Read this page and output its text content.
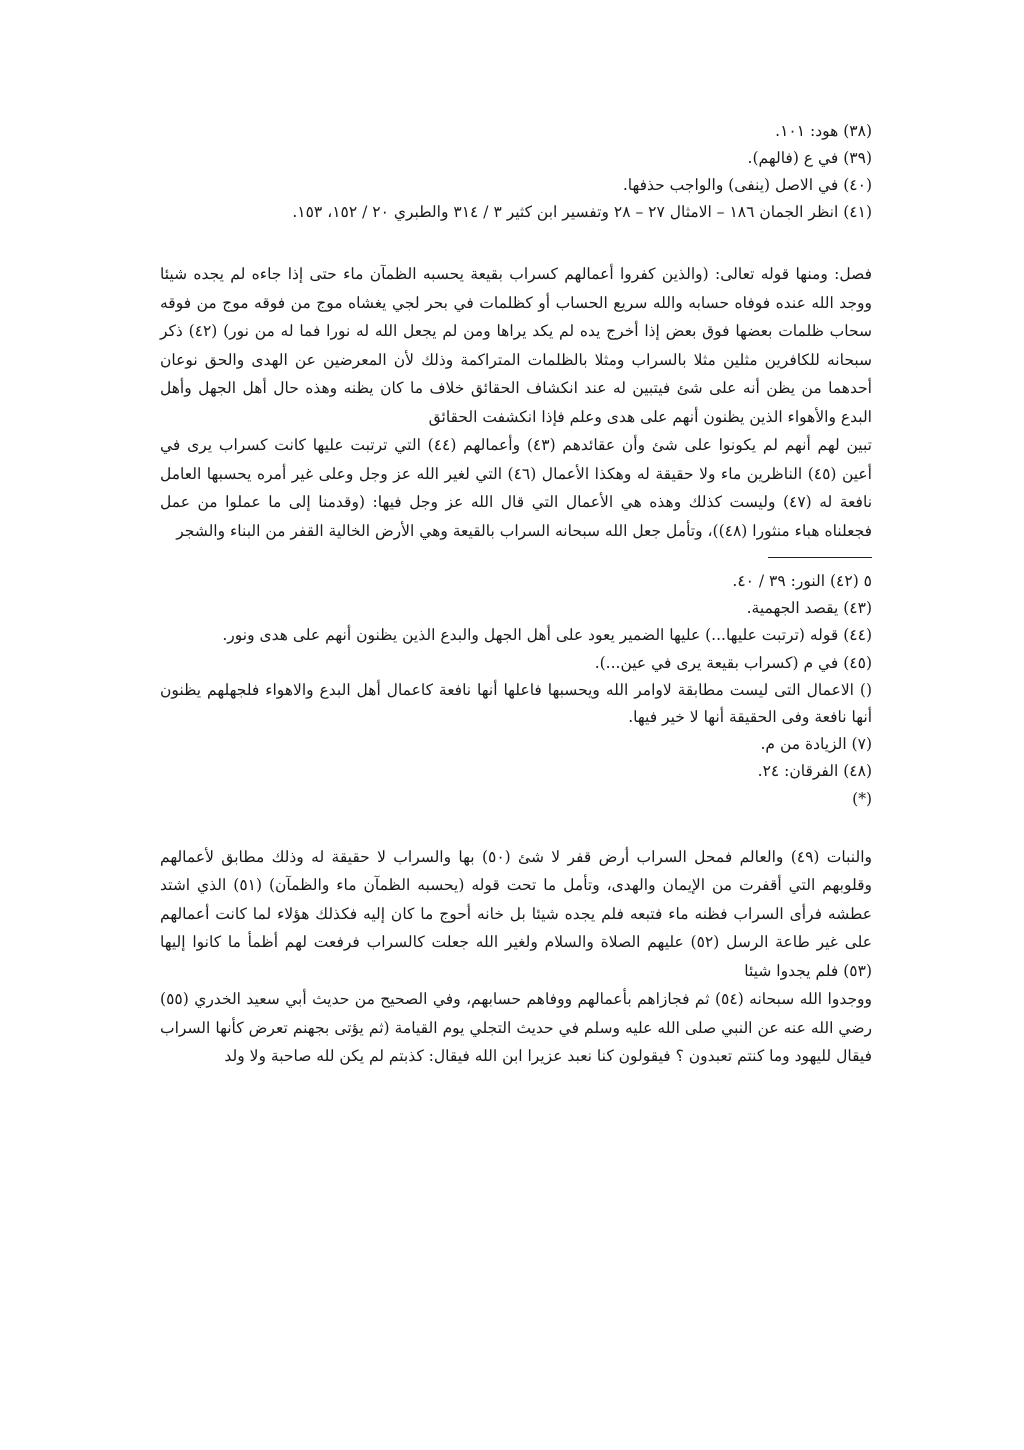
(٣٨) هود: ١٠١.
(٣٩) في ع (فالهم).
(٤٠) في الاصل (ينفى) والواجب حذفها.
(٤١) انظر الجمان ١٨٦ – الامثال ٢٧ – ٢٨ وتفسير ابن كثير ٣ / ٣١٤ والطبري ٢٠ / ١٥٢، ١٥٣.

فصل: ومنها قوله تعالى: (والذين كفروا أعمالهم كسراب بقيعة يحسبه الظمآن ماء حتى إذا جاءه لم يجده شيئا ووجد الله عنده فوفاه حسابه والله سريع الحساب أو كظلمات في بحر لجي يغشاه موج من فوقه موج من فوقه سحاب ظلمات بعضها فوق بعض إذا أخرج يده لم يكد يراها ومن لم يجعل الله له نورا فما له من نور) (٤٢) ذكر سبحانه للكافرين مثلين مثلا بالسراب ومثلا بالظلمات المتراكمة وذلك لأن المعرضين عن الهدى والحق نوعان أحدهما من يظن أنه على شئ فيتبين له عند انكشاف الحقائق خلاف ما كان يظنه وهذه حال أهل الجهل وأهل البدع والأهواء الذين يظنون أنهم على هدى وعلم فإذا انكشفت الحقائق

تبين لهم أنهم لم يكونوا على شئ وأن عقائدهم (٤٣) وأعمالهم (٤٤) التي ترتبت عليها كانت كسراب يرى في أعين (٤٥) الناظرين ماء ولا حقيقة له وهكذا الأعمال (٤٦) التي لغير الله عز وجل وعلى غير أمره يحسبها العامل نافعة له (٤٧) وليست كذلك وهذه هي الأعمال التي قال الله عز وجل فيها: (وقدمنا إلى ما عملوا من عمل فجعلناه هباء منثورا (٤٨))، وتأمل جعل الله سبحانه السراب بالقيعة وهي الأرض الخالية القفر من البناء والشجر

٥ (٤٢) النور: ٣٩ / ٤٠.
(٤٣) يقصد الجهمية.
(٤٤) قوله (ترتبت عليها...) عليها الضمير يعود على أهل الجهل والبدع الذين يظنون أنهم على هدى ونور.
(٤٥) في م (كسراب بقيعة يرى في عين...).
() الاعمال التى ليست مطابقة لاوامر الله ويحسبها فاعلها أنها نافعة كاعمال أهل البدع والاهواء فلجهلهم يظنون أنها نافعة وفى الحقيقة أنها لا خير فيها.
(٧) الزيادة من م.
(٤٨) الفرقان: ٢٤.
(*)

والنبات (٤٩) والعالم فمحل السراب أرض قفر لا شئ (٥٠) بها والسراب لا حقيقة له وذلك مطابق لأعمالهم وقلوبهم التي أقفرت من الإيمان والهدى، وتأمل ما تحت قوله (يحسبه الظمآن ماء والظمآن) (٥١) الذي اشتد عطشه فرأى السراب فظنه ماء فتبعه فلم يجده شيئا بل خانه أحوج ما كان إليه فكذلك هؤلاء لما كانت أعمالهم على غير طاعة الرسل (٥٢) عليهم الصلاة والسلام ولغير الله جعلت كالسراب فرفعت لهم أظمأ ما كانوا إليها (٥٣) فلم يجدوا شيئا

ووجدوا الله سبحانه (٥٤) ثم فجازاهم بأعمالهم ووفاهم حسابهم، وفي الصحيح من حديث أبي سعيد الخدري (٥٥) رضي الله عنه عن النبي صلى الله عليه وسلم في حديث التجلي يوم القيامة (ثم يؤتى بجهنم تعرض كأنها السراب فيقال لليهود وما كنتم تعبدون ؟ فيقولون كنا نعبد عزيرا ابن الله فيقال: كذبتم لم يكن لله صاحبة ولا ولد
